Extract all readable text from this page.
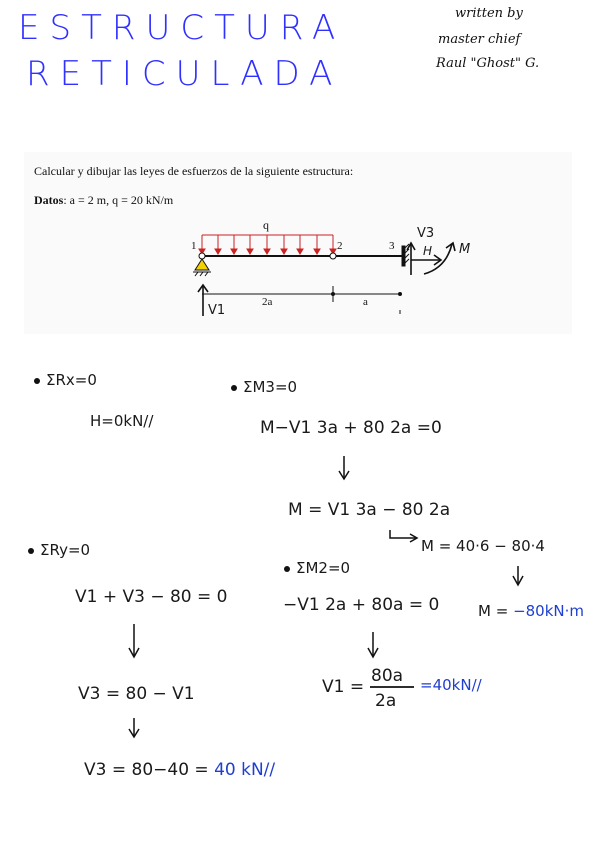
ESTRUCTURA
RETICULADA
written by
master chief
Raul "Ghost" G.
Calcular y dibujar las leyes de esfuerzos de la siguiente estructura:
Datos: a = 2 m, q = 20 kN/m
q
1	2	3
2a	a
V1
V3
H M
ΣRx=0
H=0kN//
ΣM3=0
M−V1 3a + 80 2a =0
M = V1 3a − 80 2a
M = 40·6 − 80·4
M = −80kN·m
ΣRy=0
V1 + V3 − 80 = 0
V3 = 80 − V1
V3 = 80−40 = 40 kN//
ΣM2=0
−V1 2a + 80a = 0
V1 =
80a
2a
=40kN//
